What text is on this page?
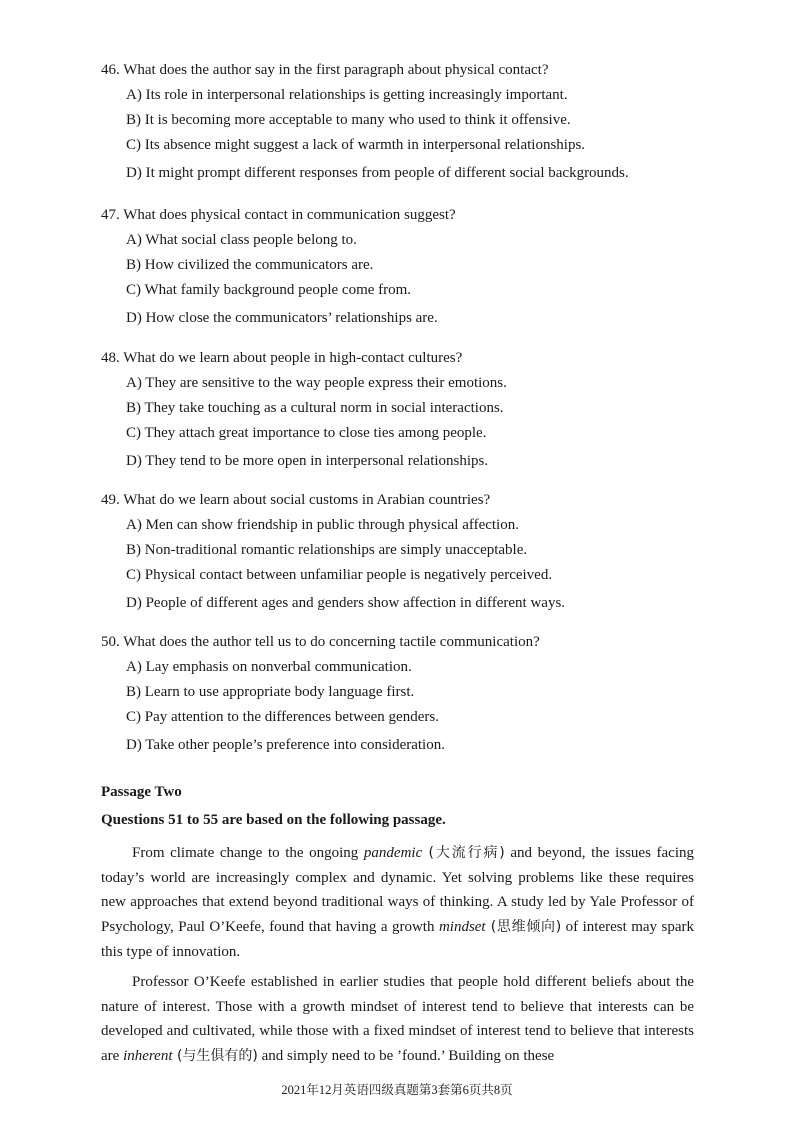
46. What does the author say in the first paragraph about physical contact?

A) Its role in interpersonal relationships is getting increasingly important.
B) It is becoming more acceptable to many who used to think it offensive.
C) Its absence might suggest a lack of warmth in interpersonal relationships.
D) It might prompt different responses from people of different social backgrounds.

47. What does physical contact in communication suggest?

A) What social class people belong to.
B) How civilized the communicators are.
C) What family background people come from.
D) How close the communicators’ relationships are.

48. What do we learn about people in high-contact cultures?

A) They are sensitive to the way people express their emotions.
B) They take touching as a cultural norm in social interactions.
C) They attach great importance to close ties among people.
D) They tend to be more open in interpersonal relationships.

49. What do we learn about social customs in Arabian countries?

A) Men can show friendship in public through physical affection.
B) Non-traditional romantic relationships are simply unacceptable.
C) Physical contact between unfamiliar people is negatively perceived.
D) People of different ages and genders show affection in different ways.

50. What does the author tell us to do concerning tactile communication?

A) Lay emphasis on nonverbal communication.
B) Learn to use appropriate body language first.
C) Pay attention to the differences between genders.
D) Take other people’s preference into consideration.

Passage Two

Questions 51 to 55 are based on the following passage.

From climate change to the ongoing pandemic (大流行病) and beyond, the issues facing today’s world are increasingly complex and dynamic. Yet solving problems like these requires new approaches that extend beyond traditional ways of thinking. A study led by Yale Professor of Psychology, Paul O’Keefe, found that having a growth mindset (思维倾向) of interest may spark this type of innovation.

Professor O’Keefe established in earlier studies that people hold different beliefs about the nature of interest. Those with a growth mindset of interest tend to believe that interests can be developed and cultivated, while those with a fixed mindset of interest tend to believe that interests are inherent (与生俱有的) and simply need to be ’found.’ Building on these

2021年12月英语四级真题第3套第6页共8页
